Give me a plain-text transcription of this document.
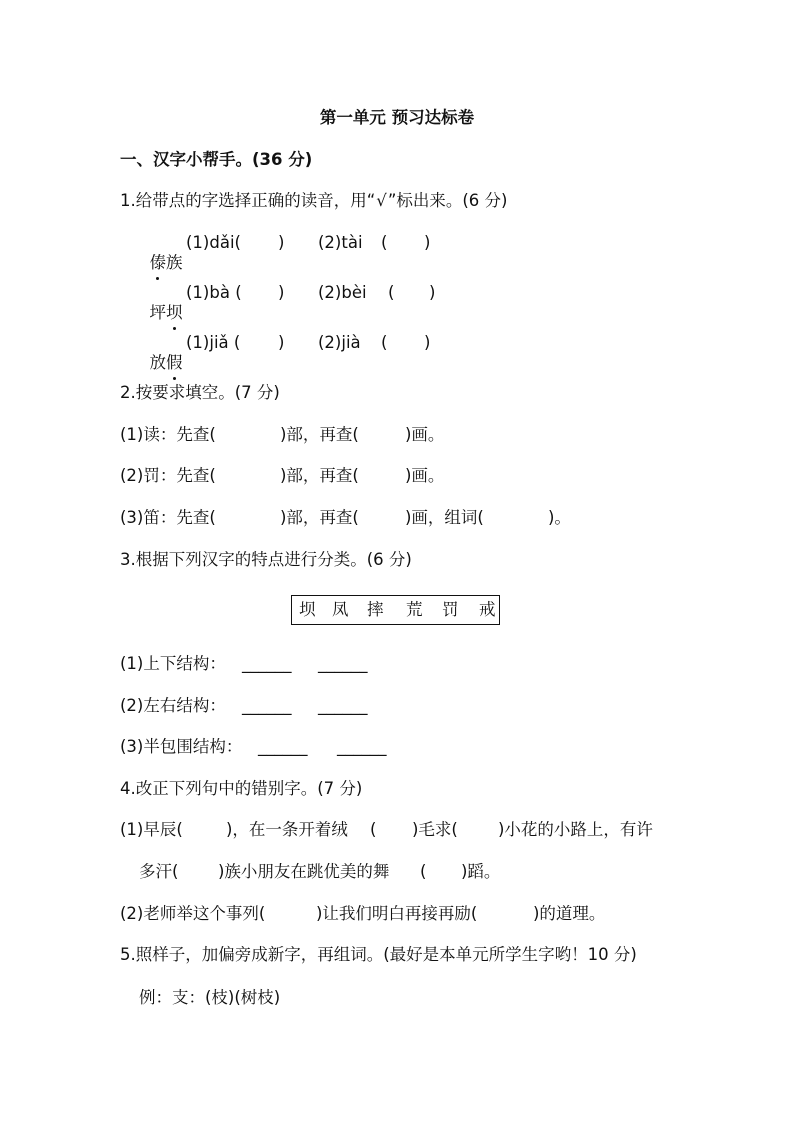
第一单元 预习达标卷
一、汉字小帮手。(36 分)
1.给带点的字选择正确的读音，用“√”标出来。(6 分)

傣族

(1)dǎi( ) (2)tài ( )

坪坝

(1)bà ( ) (2)bèi ( )

放假

(1)jiǎ ( ) (2)jià ( )
2.按要求填空。(7 分)
(1)读：先查(	)部，再查(	)画。
(2)罚：先查(	)部，再查(	)画。
(3)笛：先查(	)部，再查(	)画，组词(	)。
3.根据下列汉字的特点进行分类。(6 分)
坝 凤 摔 荒 罚 戒
(1)上下结构： ______ ______
(2)左右结构： ______ ______
(3)半包围结构： ______ ______
4.改正下列句中的错别字。(7 分)
(1)早辰(	)，在一条开着绒 ( )毛求( )小花的小路上，有许
多汗( )族小朋友在跳优美的舞 ( )蹈。
(2)老师举这个事列(	)让我们明白再接再励(	)的道理。
5.照样子，加偏旁成新字，再组词。(最好是本单元所学生字哟！10 分)
例：支：(枝)(树枝)
